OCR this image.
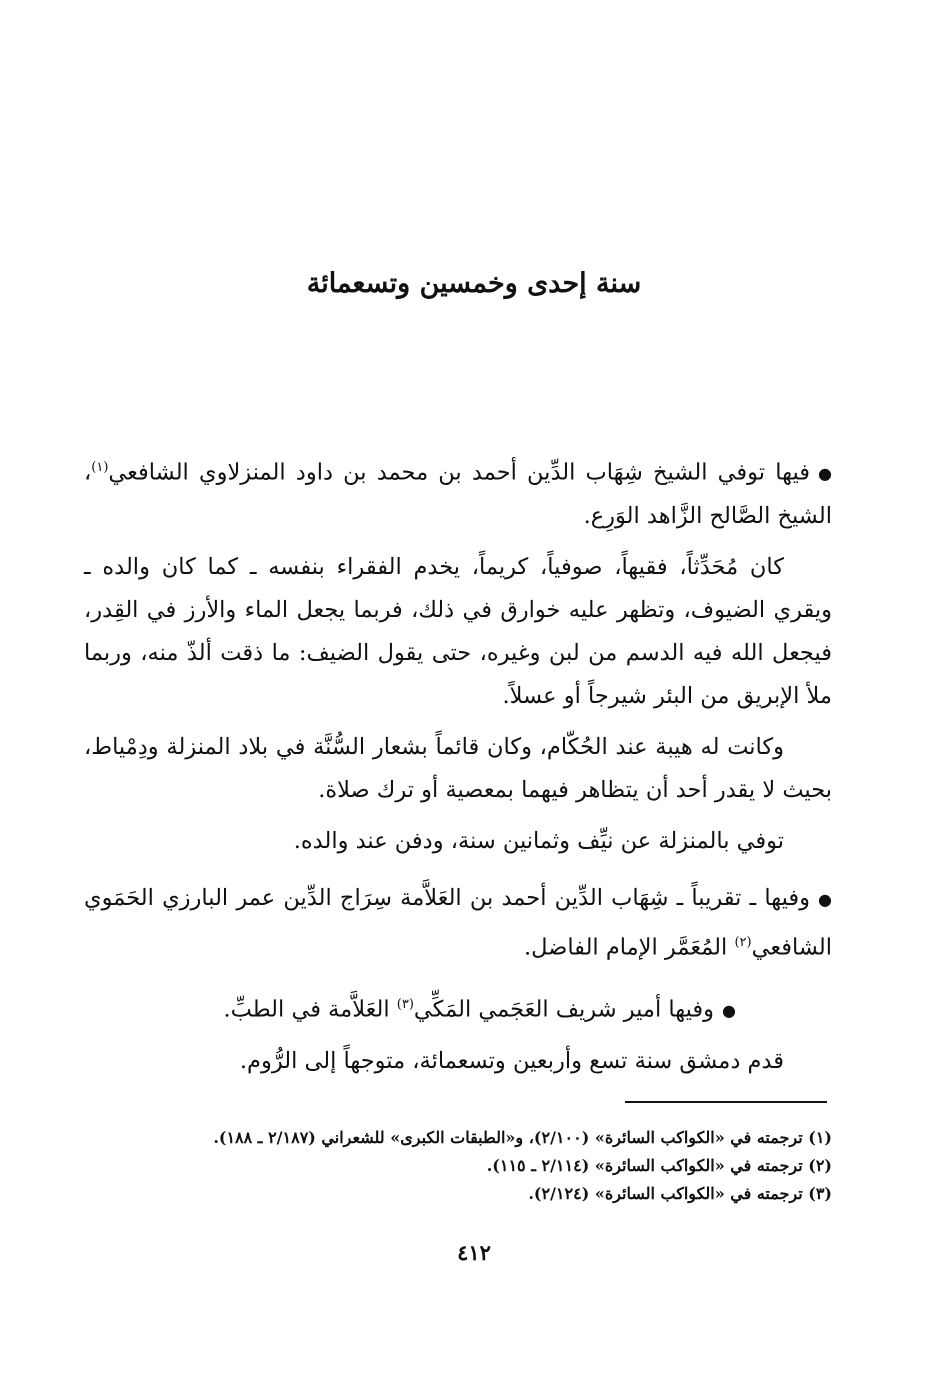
سنة إحدى وخمسين وتسعمائة

●فيها توفي الشيخ شِهَاب الدِّين أحمد بن محمد بن داود المنزلاوي الشافعي$^{(١)}$، الشيخ الصَّالح الزَّاهد الوَرِع.

كان مُحَدِّثاً، فقيهاً، صوفياً، كريماً، يخدم الفقراء بنفسه ـ كما كان والده ـ ويقري الضيوف، وتظهر عليه خوارق في ذلك، فربما يجعل الماء والأرز في القِدر، فيجعل الله فيه الدسم من لبن وغيره، حتى يقول الضيف: ما ذقت ألذّ منه، وربما ملأ الإبريق من البئر شيرجاً أو عسلاً.

وكانت له هيبة عند الحُكّام، وكان قائماً بشعار السُّنَّة في بلاد المنزلة ودِمْياط، بحيث لا يقدر أحد أن يتظاهر فيهما بمعصية أو ترك صلاة.

توفي بالمنزلة عن نيِّف وثمانين سنة، ودفن عند والده.

●وفيها ـ تقريباً ـ شِهَاب الدِّين أحمد بن العَلاَّمة سِرَاج الدِّين عمر البارزي الحَمَوي الشافعي$^{(٢)}$ المُعَمَّر الإمام الفاضل.

●وفيها أمير شريف العَجَمي المَكِّي$^{(٣)}$ العَلاَّمة في الطبِّ.

قدم دمشق سنة تسع وأربعين وتسعمائة، متوجهاً إلى الرُّوم.

(١) ترجمته في «الكواكب السائرة» (٢/١٠٠)، و«الطبقات الكبرى» للشعراني (٢/١٨٧ ـ ١٨٨).

(٢) ترجمته في «الكواكب السائرة» (٢/١١٤ ـ ١١٥).

(٣) ترجمته في «الكواكب السائرة» (٢/١٢٤).

٤١٢
